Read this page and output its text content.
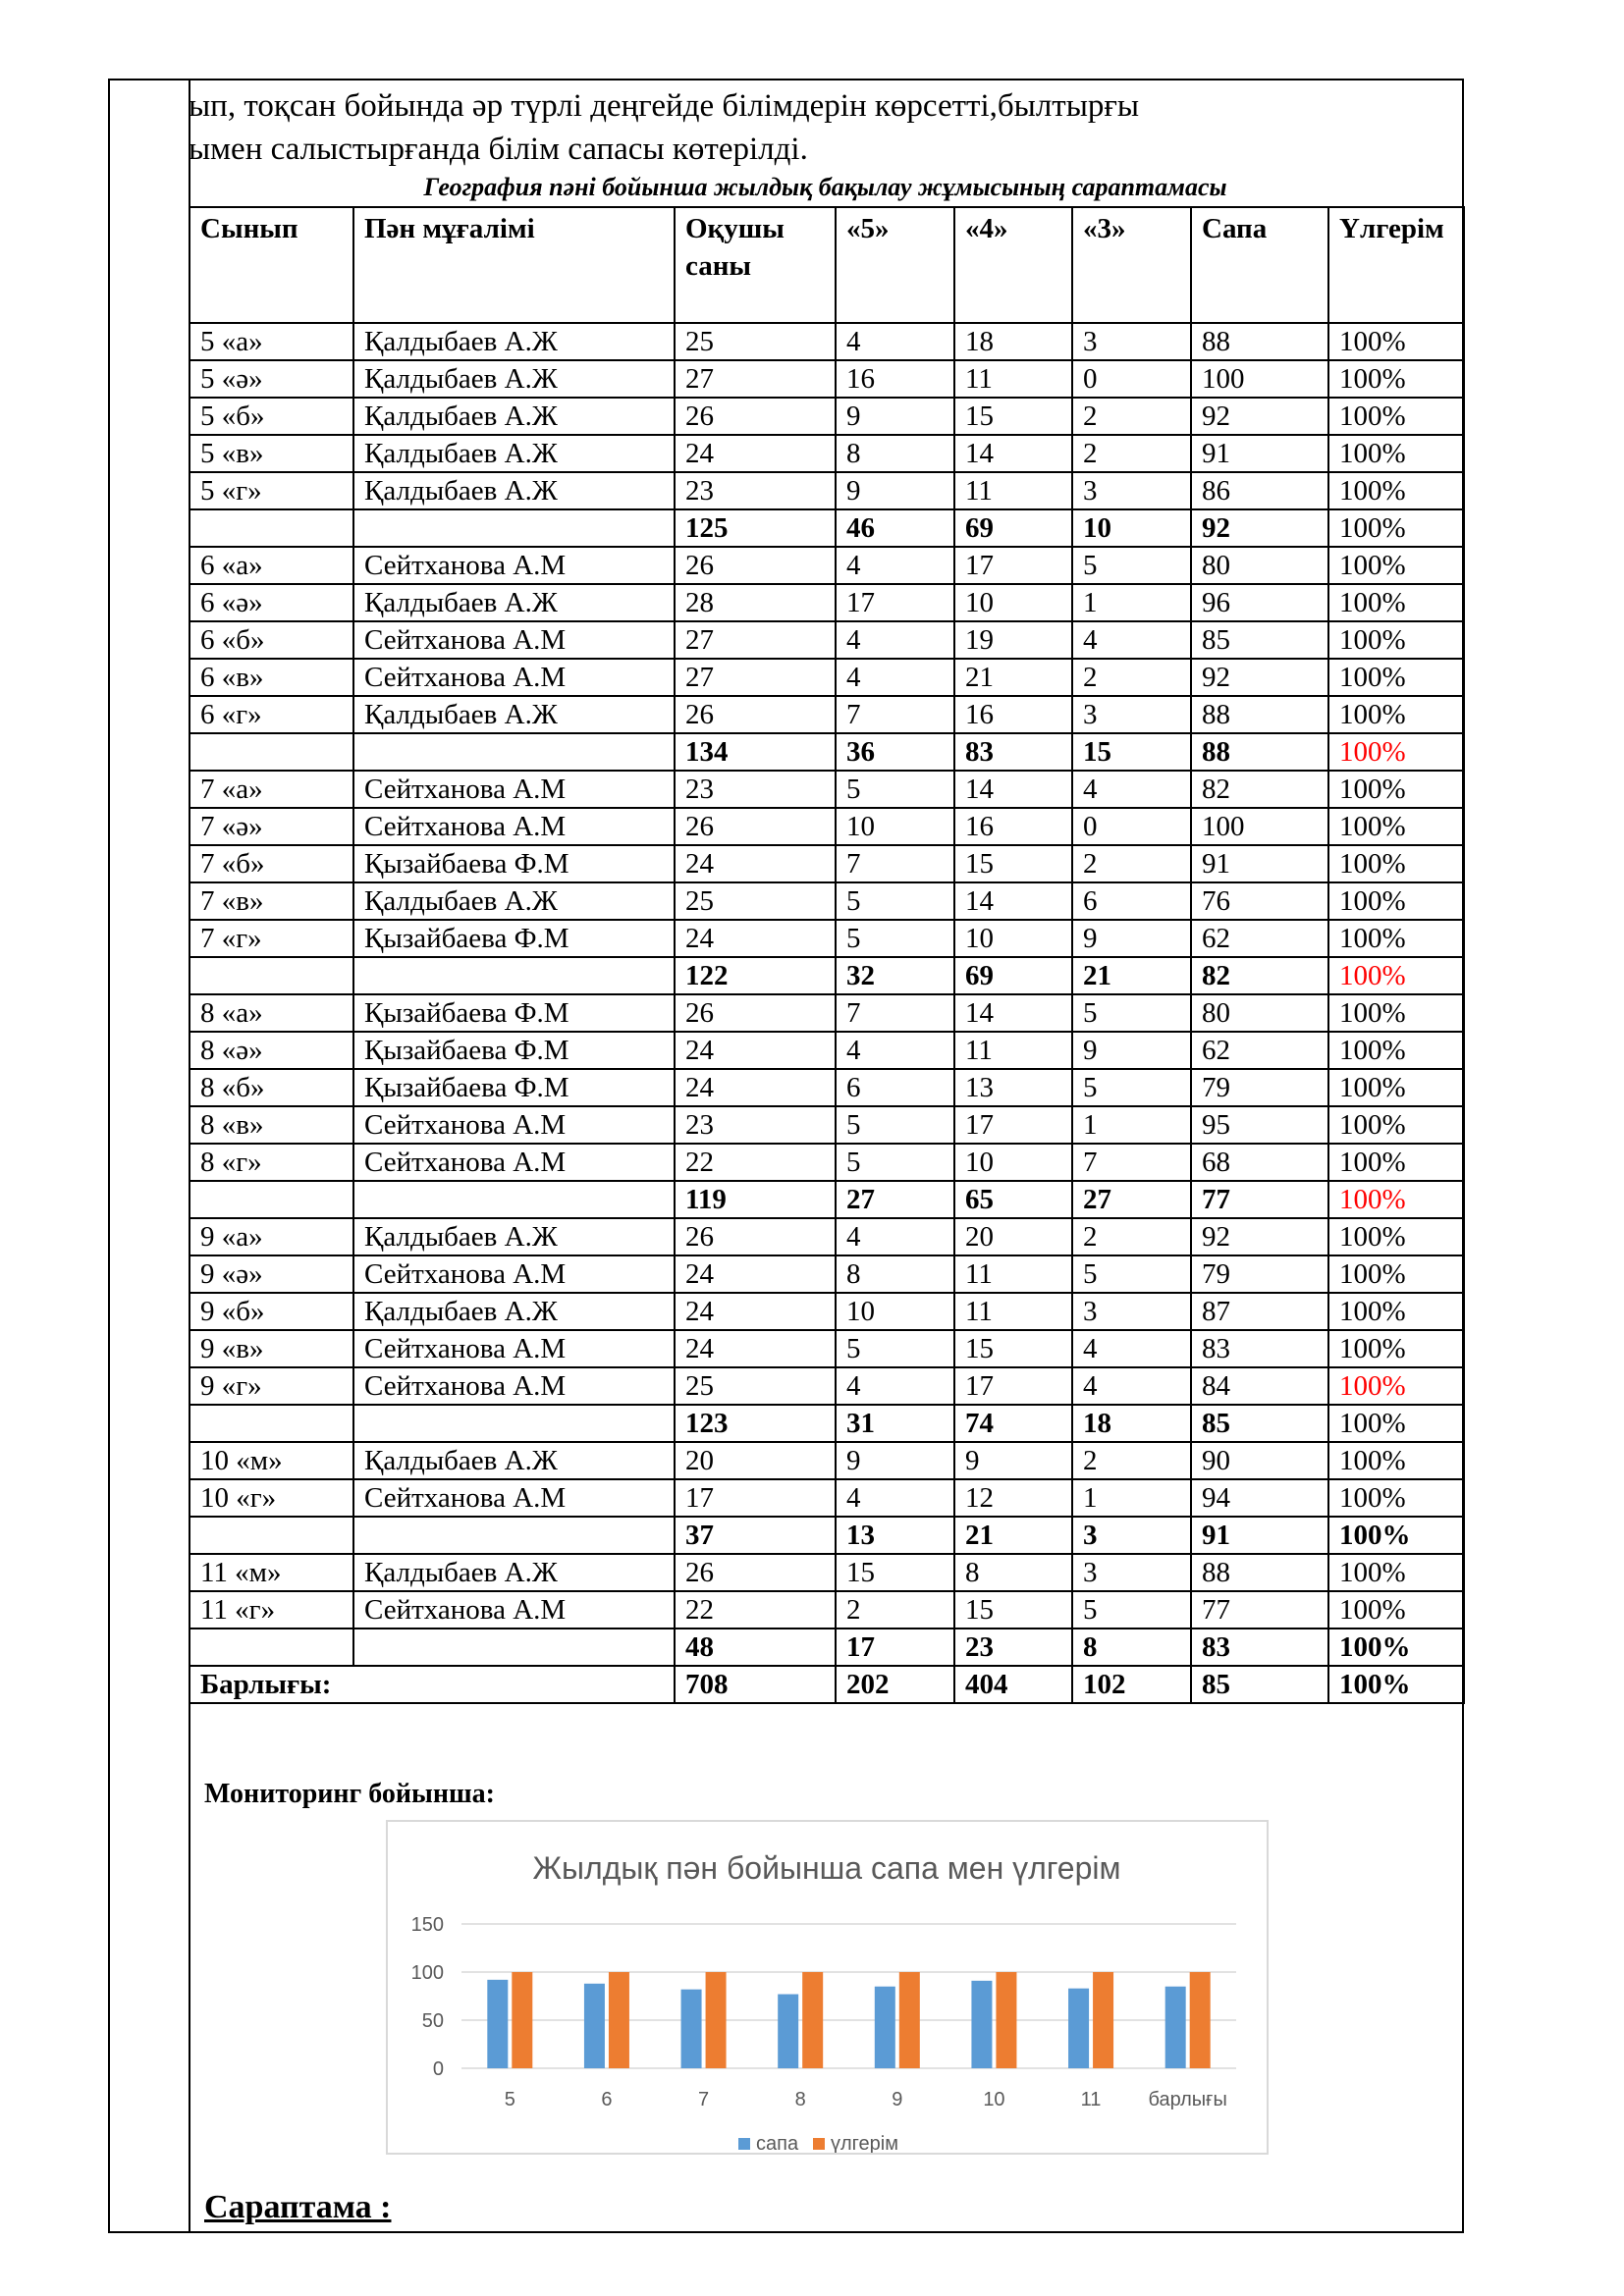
ып, тоқсан бойында әр түрлі деңгейде білімдерін көрсетті,былтырғы
ымен салыстырғанда білім сапасы көтерілді.
География пәні бойынша жылдық бақылау жұмысының сараптамасы
Сынып	Пән мұғалімі	Оқушы саны	«5»	«4»	«3»	Сапа	Үлгерім
5 «а»	Қалдыбаев А.Ж	25	4	18	3	88	100%
5 «ә»	Қалдыбаев А.Ж	27	16	11	0	100	100%
5 «б»	Қалдыбаев А.Ж	26	9	15	2	92	100%
5 «в»	Қалдыбаев А.Ж	24	8	14	2	91	100%
5 «г»	Қалдыбаев А.Ж	23	9	11	3	86	100%
		125	46	69	10	92	100%
6 «а»	Сейтханова А.М	26	4	17	5	80	100%
6 «ә»	Қалдыбаев А.Ж	28	17	10	1	96	100%
6 «б»	Сейтханова А.М	27	4	19	4	85	100%
6 «в»	Сейтханова А.М	27	4	21	2	92	100%
6 «г»	Қалдыбаев А.Ж	26	7	16	3	88	100%
		134	36	83	15	88	100%
7 «а»	Сейтханова А.М	23	5	14	4	82	100%
7 «ә»	Сейтханова А.М	26	10	16	0	100	100%
7 «б»	Қызайбаева Ф.М	24	7	15	2	91	100%
7 «в»	Қалдыбаев А.Ж	25	5	14	6	76	100%
7 «г»	Қызайбаева Ф.М	24	5	10	9	62	100%
		122	32	69	21	82	100%
8 «а»	Қызайбаева Ф.М	26	7	14	5	80	100%
8 «ә»	Қызайбаева Ф.М	24	4	11	9	62	100%
8 «б»	Қызайбаева Ф.М	24	6	13	5	79	100%
8 «в»	Сейтханова А.М	23	5	17	1	95	100%
8 «г»	Сейтханова А.М	22	5	10	7	68	100%
		119	27	65	27	77	100%
9 «а»	Қалдыбаев А.Ж	26	4	20	2	92	100%
9 «ә»	Сейтханова А.М	24	8	11	5	79	100%
9 «б»	Қалдыбаев А.Ж	24	10	11	3	87	100%
9 «в»	Сейтханова А.М	24	5	15	4	83	100%
9 «г»	Сейтханова А.М	25	4	17	4	84	100%
		123	31	74	18	85	100%
10 «м»	Қалдыбаев А.Ж	20	9	9	2	90	100%
10 «г»	Сейтханова А.М	17	4	12	1	94	100%
		37	13	21	3	91	100%
11 «м»	Қалдыбаев А.Ж	26	15	8	3	88	100%
11 «г»	Сейтханова А.М	22	2	15	5	77	100%
		48	17	23	8	83	100%
Барлығы:		708	202	404	102	85	100%
Мониторинг бойынша:
Жылдық пән бойынша сапа мен үлгерім
0
50
100
150
5	6	7	8	9	10	11 барлығы
сапа үлгерім
Сараптама :
